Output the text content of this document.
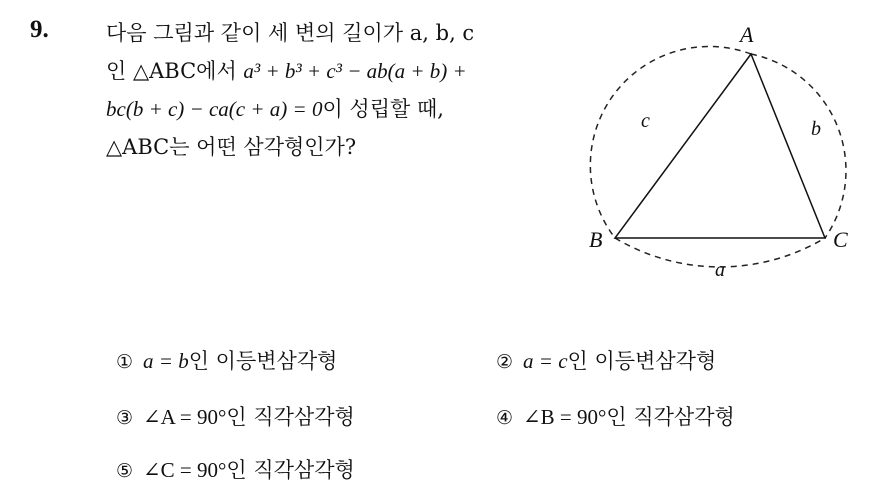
9.	다음 그림과 같이 세 변의 길이가 a, b, c
인 △ABC에서 a³ + b³ + c³ − ab(a + b) +
bc(b + c) − ca(c + a) = 0이 성립할 때,
△ABC는 어떤 삼각형인가?
A
B	C
c	b
a
① a = b인 이등변삼각형	② a = c인 이등변삼각형
③ ∠A = 90°인 직각삼각형	④ ∠B = 90°인 직각삼각형
⑤ ∠C = 90°인 직각삼각형
